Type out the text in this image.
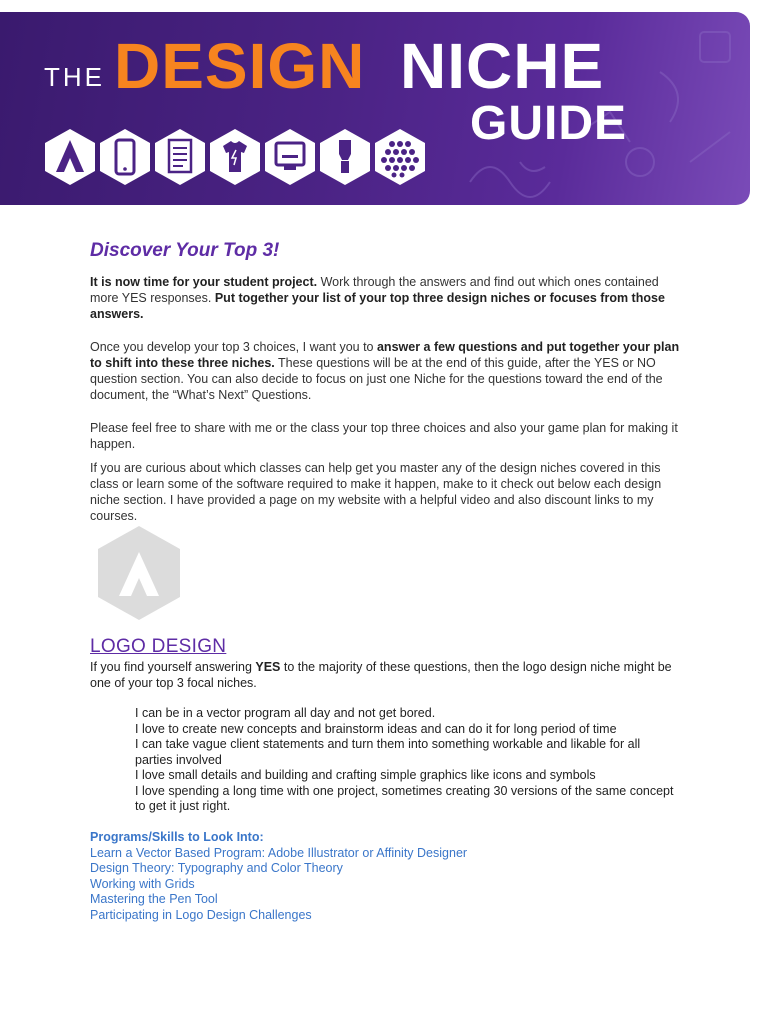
THE DESIGN NICHE
GUIDE
Discover Your Top 3!

It is now time for your student project. Work through the answers and find out which ones contained more YES responses. Put together your list of your top three design niches or focuses from those answers.

Once you develop your top 3 choices, I want you to answer a few questions and put together your plan to shift into these three niches. These questions will be at the end of this guide, after the YES or NO question section. You can also decide to focus on just one Niche for the questions toward the end of the document, the “What’s Next” Questions.

Please feel free to share with me or the class your top three choices and also your game plan for making it happen.

If you are curious about which classes can help get you master any of the design niches covered in this class or learn some of the software required to make it happen, make to it check out below each design niche section. I have provided a page on my website with a helpful video and also discount links to my courses.

LOGO DESIGN

If you find yourself answering YES to the majority of these questions, then the logo design niche might be one of your top 3 focal niches.

I can be in a vector program all day and not get bored.
I love to create new concepts and brainstorm ideas and can do it for long period of time
I can take vague client statements and turn them into something workable and likable for all parties involved
I love small details and building and crafting simple graphics like icons and symbols
I love spending a long time with one project, sometimes creating 30 versions of the same concept to get it just right.
Programs/Skills to Look Into:
Learn a Vector Based Program: Adobe Illustrator or Affinity Designer
Design Theory: Typography and Color Theory
Working with Grids
Mastering the Pen Tool
Participating in Logo Design Challenges
